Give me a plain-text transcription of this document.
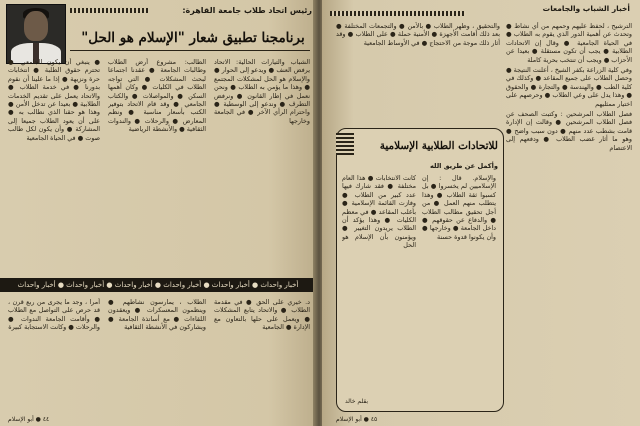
رئيس اتحاد طلاب جامعة القاهرة:
برنامجنا تطبيق شعار "الإسلام هو الحل"

● ينبغي أن يكون الجامعي ● تحترم حقوق الطلبة ● انتخابات حرة ونزيهة ● إذا ما علينا أن نقوم بدورنا ● في خدمة الطلاب ● والاتحاد يعمل على تقديم الخدمات الطلابية ● بعيدا عن تدخل الأمن ● وهذا هو حقنا الذي نطالب به ● على أن يعود الطلاب جميعا إلى المشاركة ● وأن يكون لكل طالب صوت ● في الحياة الجامعية

الطالب: مشروع أرض الطلاب وطالبات الجامعة ● عقدنا اجتماعا لبحث المشكلات ● التي تواجه الطلاب في الكليات ● وكان أهمها السكن ● والمواصلات ● والكتاب الجامعي ● وقد قام الاتحاد بتوفير الكتب بأسعار مناسبة ● ونظم المعارض ● والرحلات ● والندوات الثقافية ● والأنشطة الرياضية

الشباب والتيارات الحالية: الاتحاد يرفض العنف ● ويدعو إلى الحوار ● والإسلام هو الحل لمشكلات المجتمع ● وهذا ما يؤمن به الطلاب ● ونحن نعمل في إطار القانون ● ونرفض التطرف ● وندعو إلى الوسطية ● واحترام الرأي الآخر ● في الجامعة وخارجها

أخبار واحداث ● أخبار واحداث ● أخبار واحداث ● أخبار واحداث ● أخبار واحداث ● أخبار واحداث

أمرا ، وجد ما يجرى من ربع قرن ، قد حرص على التواصل مع الطلاب ● وأقامت الجامعة الندوات ● والرحلات ● وكانت الاستجابة كبيرة

الطلاب ، يمارسون نشاطهم ● وينظمون المعسكرات ● ويعقدون اللقاءات ● مع أساتذة الجامعة ● ويشاركون في الأنشطة الثقافية

د. خيري على الحق ● في مقدمة الطلاب ● والاتحاد يتابع المشكلات ● ويعمل على حلها بالتعاون مع الإدارة ● الجامعية

٤٤ ● أبو الإسلام
أخبار الشباب والجامعات

الترشيح ، لحفظ عليهم وحمهم من أي نشاط ● وتحدث عن أهمية الدور الذي يقوم به الطلاب ● في الحياة الجامعية ● وقال إن الاتحادات الطلابية ● يجب أن تكون مستقلة ● بعيدا عن الأحزاب ● ويجب أن تنتخب بحرية كاملة

وفي كلية الزراعة بكفر الشيخ ، أعلنت النتيجة ● وحصل الطلاب على جميع المقاعد ● وكذلك في كلية الطب ● والهندسة ● والتجارة ● والحقوق ● وهذا يدل على وعي الطلاب ● وحرصهم على اختيار ممثليهم

فصل الطلاب المرشحين : وكتبت الصحف عن فصل الطلاب المرشحين ● وقالت إن الإدارة قامت بشطب عدد منهم ● دون سبب واضح ● وهو ما أثار غضب الطلاب ● ودفعهم إلى الاعتصام

والتحقيق ، وظهر الطلاب ● بالأمن ● والتجمعات المختلفة ● بعد ذلك أقامت الأجهزة ● الأمنية حملة ● على الطلاب ● وقد أثار ذلك موجة من الاحتجاج ● في الأوساط الجامعية

للاتحادات الطلابية الإسلامية
وأكمل عن طريق الله

والإسلام. قال : إن الإسلاميين لم يخسروا ● بل كسبوا ثقة الطلاب ● وهذا يتطلب منهم العمل ● من أجل تحقيق مطالب الطلاب ● والدفاع عن حقوقهم ● داخل الجامعة ● وخارجها ● وأن يكونوا قدوة حسنة

كانت الانتخابات ● هذا العام مختلفة ● فقد شارك فيها عدد كبير من الطلاب ● وفازت القائمة الإسلامية ● بأغلب المقاعد ● في معظم الكليات ● وهذا يؤكد أن الطلاب يريدون التغيير ● ويؤمنون بأن الإسلام هو الحل

بقلم خالد
٤٥ ● أبو الإسلام
